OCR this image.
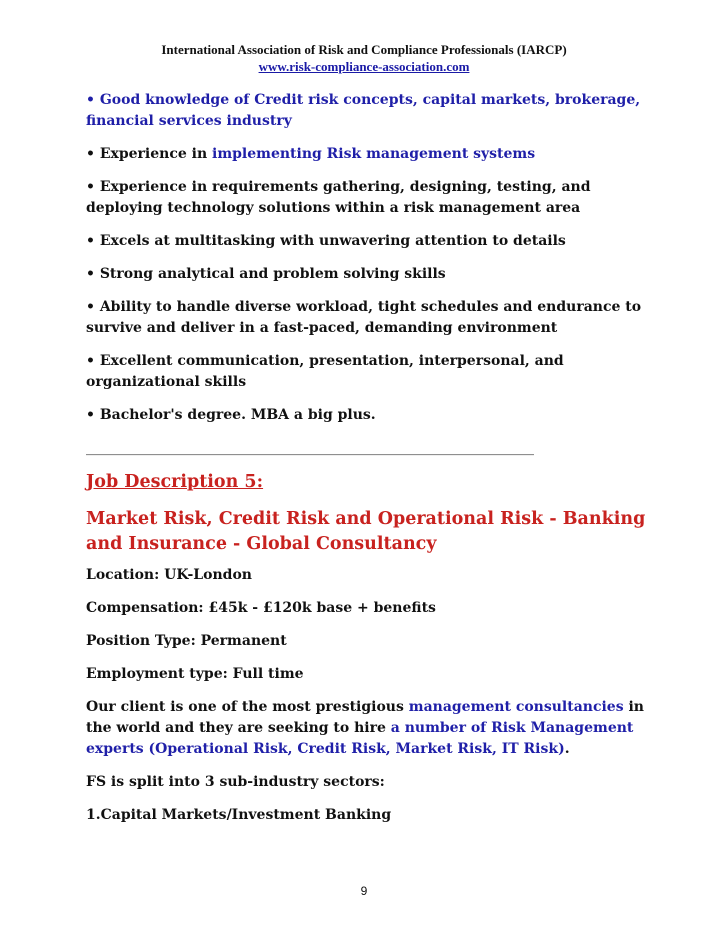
International Association of Risk and Compliance Professionals (IARCP)
www.risk-compliance-association.com

• Good knowledge of Credit risk concepts, capital markets, brokerage, financial services industry

• Experience in implementing Risk management systems

• Experience in requirements gathering, designing, testing, and deploying technology solutions within a risk management area

• Excels at multitasking with unwavering attention to details

• Strong analytical and problem solving skills

• Ability to handle diverse workload, tight schedules and endurance to survive and deliver in a fast-paced, demanding environment

• Excellent communication, presentation, interpersonal, and organizational skills

• Bachelor's degree. MBA a big plus.

________________________________________________________________

Job Description 5:

Market Risk, Credit Risk and Operational Risk - Banking and Insurance - Global Consultancy

Location: UK-London

Compensation: £45k - £120k base + benefits

Position Type: Permanent

Employment type: Full time

Our client is one of the most prestigious management consultancies in the world and they are seeking to hire a number of Risk Management experts (Operational Risk, Credit Risk, Market Risk, IT Risk).

FS is split into 3 sub-industry sectors:

1.Capital Markets/Investment Banking

9
